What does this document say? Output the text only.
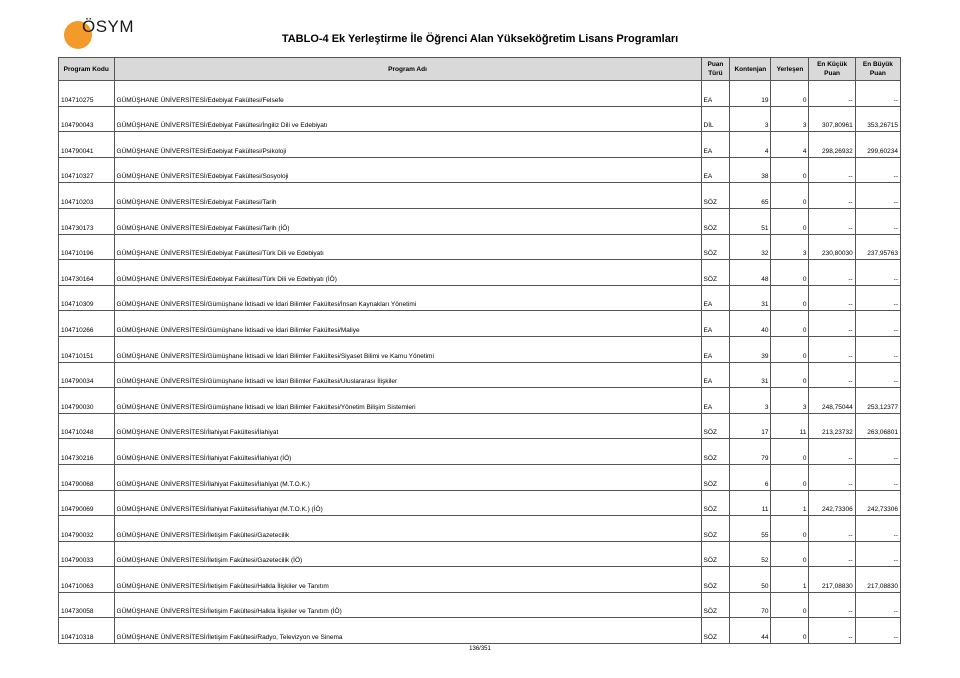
ÖSYM
TABLO-4 Ek Yerleştirme İle Öğrenci Alan Yükseköğretim Lisans Programları
Program Kodu	Program Adı	Puan Türü	Kontenjan	Yerleşen	En Küçük Puan	En Büyük Puan
104710275	GÜMÜŞHANE ÜNİVERSİTESİ/Edebiyat Fakültesi/Felsefe	EA	19	0	--	--
104790043	GÜMÜŞHANE ÜNİVERSİTESİ/Edebiyat Fakültesi/İngiliz Dili ve Edebiyatı	DİL	3	3	307,80961	353,26715
104790041	GÜMÜŞHANE ÜNİVERSİTESİ/Edebiyat Fakültesi/Psikoloji	EA	4	4	298,26932	299,60234
104710327	GÜMÜŞHANE ÜNİVERSİTESİ/Edebiyat Fakültesi/Sosyoloji	EA	38	0	--	--
104710203	GÜMÜŞHANE ÜNİVERSİTESİ/Edebiyat Fakültesi/Tarih	SÖZ	65	0	--	--
104730173	GÜMÜŞHANE ÜNİVERSİTESİ/Edebiyat Fakültesi/Tarih (İÖ)	SÖZ	51	0	--	--
104710196	GÜMÜŞHANE ÜNİVERSİTESİ/Edebiyat Fakültesi/Türk Dili ve Edebiyatı	SÖZ	32	3	230,80030	237,95763
104730164	GÜMÜŞHANE ÜNİVERSİTESİ/Edebiyat Fakültesi/Türk Dili ve Edebiyatı (İÖ)	SÖZ	48	0	--	--
104710309	GÜMÜŞHANE ÜNİVERSİTESİ/Gümüşhane İktisadi ve İdari Bilimler Fakültesi/İnsan Kaynakları Yönetimi	EA	31	0	--	--
104710266	GÜMÜŞHANE ÜNİVERSİTESİ/Gümüşhane İktisadi ve İdari Bilimler Fakültesi/Maliye	EA	40	0	--	--
104710151	GÜMÜŞHANE ÜNİVERSİTESİ/Gümüşhane İktisadi ve İdari Bilimler Fakültesi/Siyaset Bilimi ve Kamu Yönetimi	EA	39	0	--	--
104790034	GÜMÜŞHANE ÜNİVERSİTESİ/Gümüşhane İktisadi ve İdari Bilimler Fakültesi/Uluslararası İlişkiler	EA	31	0	--	--
104790030	GÜMÜŞHANE ÜNİVERSİTESİ/Gümüşhane İktisadi ve İdari Bilimler Fakültesi/Yönetim Bilişim Sistemleri	EA	3	3	248,75044	253,12377
104710248	GÜMÜŞHANE ÜNİVERSİTESİ/İlahiyat Fakültesi/İlahiyat	SÖZ	17	11	213,23732	263,06801
104730216	GÜMÜŞHANE ÜNİVERSİTESİ/İlahiyat Fakültesi/İlahiyat (İÖ)	SÖZ	79	0	--	--
104790068	GÜMÜŞHANE ÜNİVERSİTESİ/İlahiyat Fakültesi/İlahiyat (M.T.O.K.)	SÖZ	6	0	--	--
104790069	GÜMÜŞHANE ÜNİVERSİTESİ/İlahiyat Fakültesi/İlahiyat (M.T.O.K.) (İÖ)	SÖZ	11	1	242,73306	242,73306
104790032	GÜMÜŞHANE ÜNİVERSİTESİ/İletişim Fakültesi/Gazetecilik	SÖZ	55	0	--	--
104790033	GÜMÜŞHANE ÜNİVERSİTESİ/İletişim Fakültesi/Gazetecilik (İÖ)	SÖZ	52	0	--	--
104710063	GÜMÜŞHANE ÜNİVERSİTESİ/İletişim Fakültesi/Halkla İlişkiler ve Tanıtım	SÖZ	50	1	217,08830	217,08830
104730058	GÜMÜŞHANE ÜNİVERSİTESİ/İletişim Fakültesi/Halkla İlişkiler ve Tanıtım (İÖ)	SÖZ	70	0	--	--
104710318	GÜMÜŞHANE ÜNİVERSİTESİ/İletişim Fakültesi/Radyo, Televizyon ve Sinema	SÖZ	44	0	--	--
136/351
